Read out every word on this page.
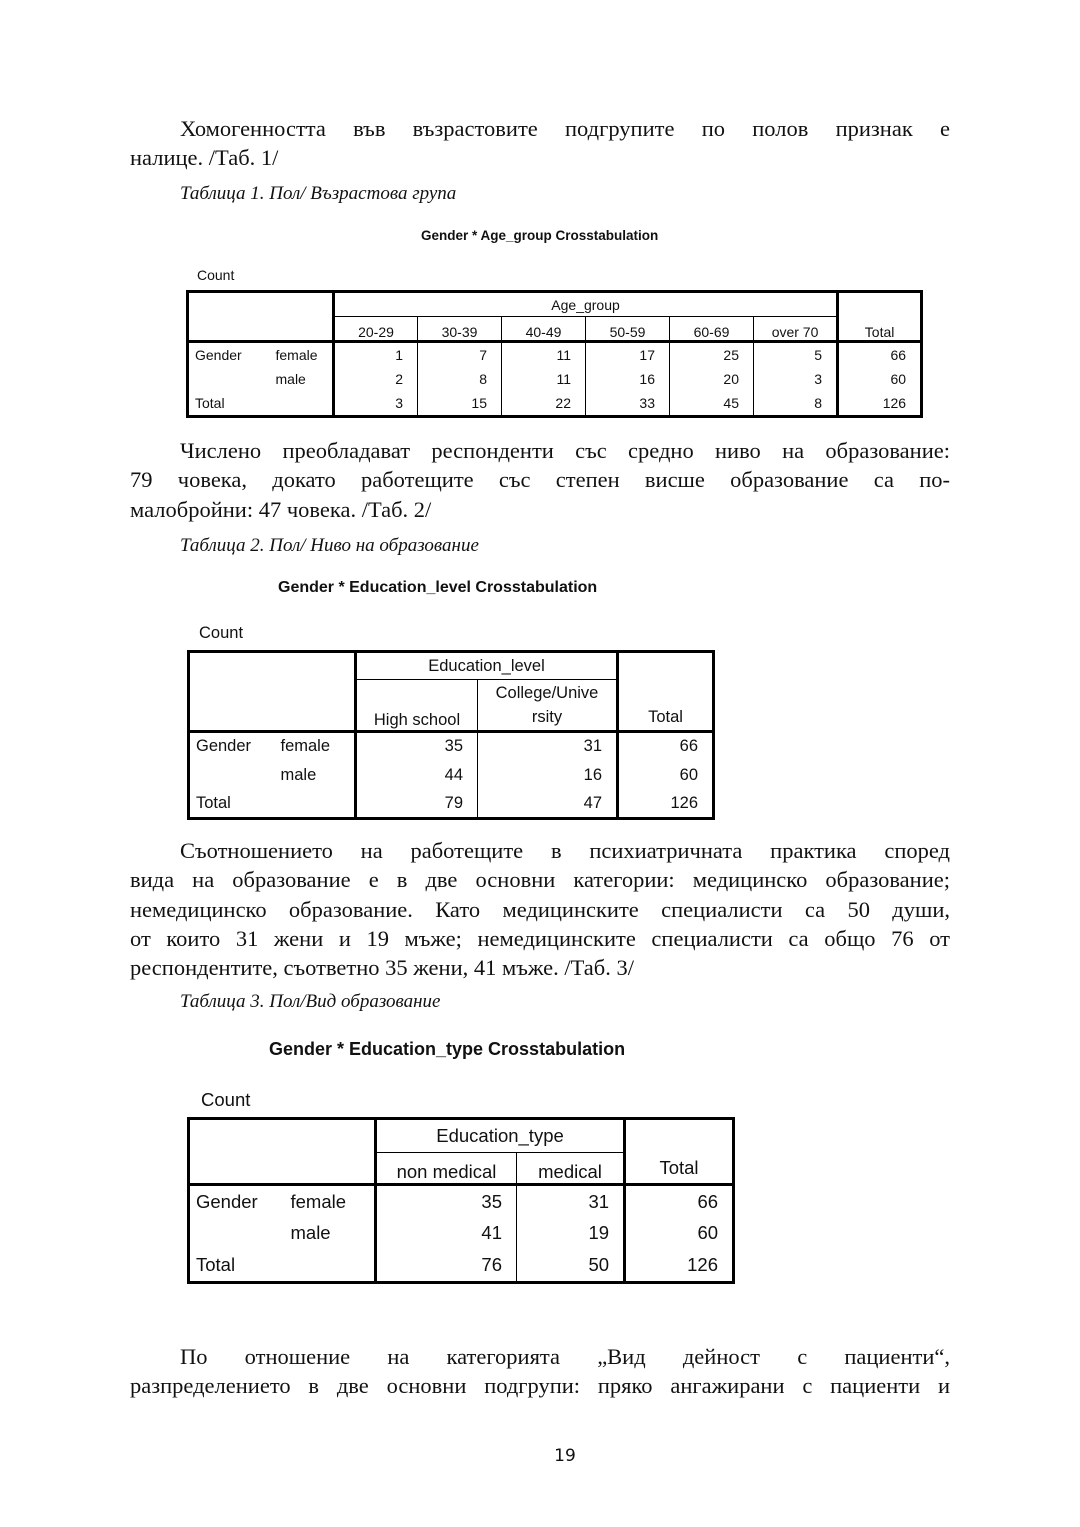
Хомогенността във възрастовите подгрупите по полов признак е
налице. /Таб. 1/
Таблица 1. Пол/ Възрастова група
Gender * Age_group Crosstabulation
Count
		Age_group						Total
		20-29	30-39	40-49	50-59	60-69	over 70	
Gender	female	1	7	11	17	25	5	66
	male	2	8	11	16	20	3	60
Total		3	15	22	33	45	8	126
Числено преобладават респонденти със средно ниво на образование:
79 човека, докато работещите със степен висше образование са по-
малобройни: 47 човека. /Таб. 2/
Таблица 2. Пол/ Ниво на образование
Gender * Education_level Crosstabulation
Count
		Education_level		Total
		High school	College/Unive
rsity	

Gender	female	35	31	66
	male	44	16	60
Total		79	47	126
Съотношението на работещите в психиатричната практика според
вида на образование е в две основни категории: медицинско образование;
немедицинско образование. Като медицинските специалисти са 50 души,
от които 31 жени и 19 мъже; немедицинските специалисти са общо 76 от
респондентите, съответно 35 жени, 41 мъже. /Таб. 3/
Таблица 3. Пол/Вид образование
Gender * Education_type Crosstabulation
Count
		Education_type		Total
		non medical	medical	
Gender	female	35	31	66
	male	41	19	60
Total		76	50	126
По отношение на категорията „Вид дейност с пациенти“,
разпределението в две основни подгрупи: пряко ангажирани с пациенти и
19
